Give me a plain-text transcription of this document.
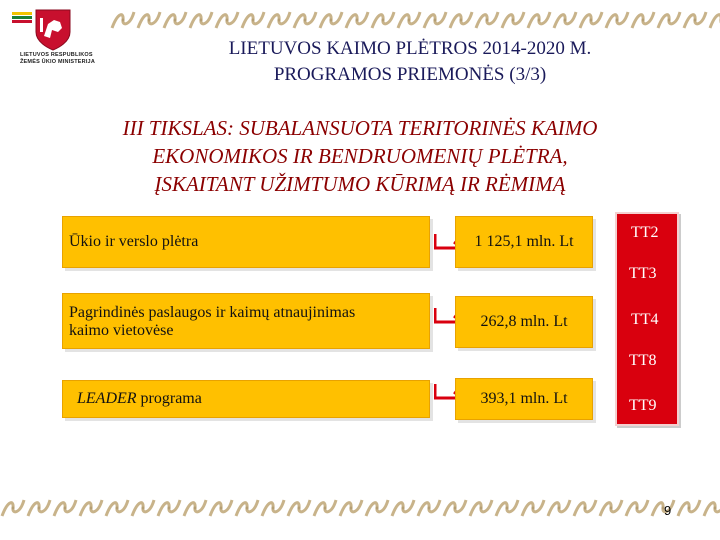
LIETUVOS RESPUBLIKOS
ŽEMĖS ŪKIO MINISTERIJA
LIETUVOS KAIMO PLĖTROS 2014-2020 M.
PROGRAMOS PRIEMONĖS (3/3)
III TIKSLAS: SUBALANSUOTA TERITORINĖS KAIMO
EKONOMIKOS IR BENDRUOMENIŲ PLĖTRA,
ĮSKAITANT UŽIMTUMO KŪRIMĄ IR RĖMIMĄ
Ūkio ir verslo plėtra	1 125,1 mln. Lt
Pagrindinės paslaugos ir kaimų atnaujinimas
kaimo vietovėse
262,8 mln. Lt
LEADER programa	393,1 mln. Lt
TT2
TT3
TT4
TT8
TT9
9
